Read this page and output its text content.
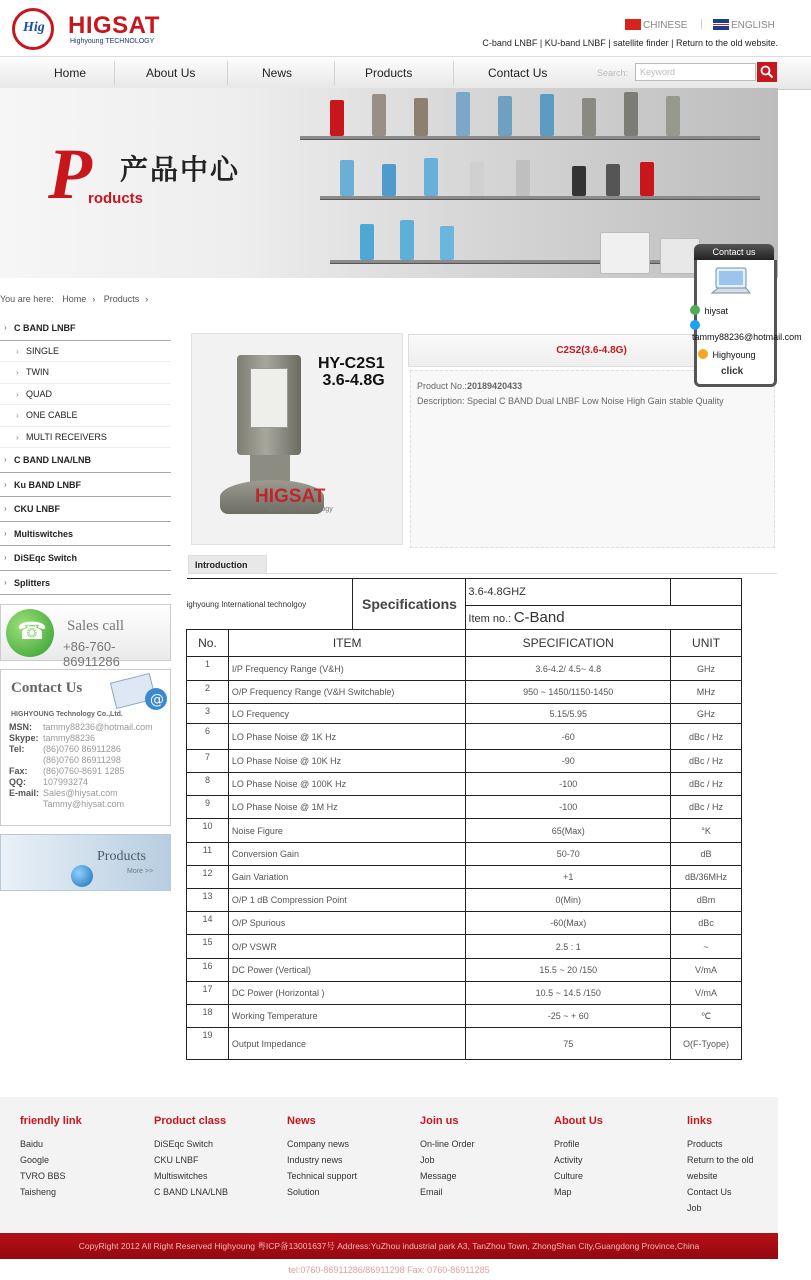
Hig HIGSAT
Highyoung TECHNOLOGY
CHINESE |	ENGLISH
C-band LNBF | KU-band LNBF | satellite finder | Return to the old website.
Home	About Us	News	Products	Contact Us	Search:	Keyword
P 产品中心
roducts
You are here: Home › Products ›
› C BAND LNBF
› SINGLE
› TWIN
› QUAD
› ONE CABLE
› MULTI RECEIVERS
› C BAND LNA/LNB
› Ku BAND LNBF
› CKU LNBF
› Multiswitches
› DiSEqc Switch
› Splitters
☎ Sales call
+86-760-86911286
Contact Us
@
HIGHYOUNG Technology Co.,Ltd.
MSN: tammy88236@hotmail.com
Skype: tammy88236
Tel: (86)0760 86911286
(86)0760 86911298
Fax: (86)0760-8691 1285
QQ: 107993274
E-mail: Sales@hiysat.com
Tammy@hiysat.com
Products
More >>
HIGSAT
Highyoung Technology
HY-C2S1
3.6-4.8G
C2S2(3.6-4.8G)
Product No.:20189420433
Description: Special C BAND Dual LNBF Low Noise High Gain stable Quality
Introduction
ighyoung International technolgoy Specifications		3.6-4.8GHZ	
		Item no.: C-Band	
No.	ITEM	SPECIFICATION	UNIT
1	I/P Frequency Range (V&H)	3.6-4.2/ 4.5~ 4.8	GHz
2	O/P Frequency Range (V&H Switchable)	950 ~ 1450/1150-1450	MHz
3	LO Frequency	5.15/5.95	GHz
6	LO Phase Noise @ 1K Hz	-60	dBc / Hz
7	LO Phase Noise @ 10K Hz	-90	dBc / Hz
8	LO Phase Noise @ 100K Hz	-100	dBc / Hz
9	LO Phase Noise @ 1M Hz	-100	dBc / Hz
10	Noise Figure	65(Max)	°K
11	Conversion Gain	50-70	dB
12	Gain Variation	+1	dB/36MHz
13	O/P 1 dB Compression Point	0(Min)	dBm
14	O/P Spurious	-60(Max)	dBc
15	O/P VSWR	2.5 : 1	~
16	DC Power (Vertical)	15.5 ~ 20 /150	V/mA
17	DC Power (Horizontal )	10.5 ~ 14.5 /150	V/mA
18	Working Temperature	-25 ~ + 60	℃
19	Output Impedance	75	O(F-Tyope)
Contact us
hiysat
tammy88236@hotmail.com
Highyoung
click
friendly link
Baidu
Google
TVRO BBS
Taisheng
Product class
DiSEqc Switch
CKU LNBF
Multiswitches
C BAND LNA/LNB
News
Company news
Industry news
Technical support
Solution
Join us
On-line Order
Job
Message
Email
About Us
Profile
Activity
Culture
Map
links
Products
Return to the old
website
Contact Us
Job
CopyRight 2012 All Right Reserved Highyoung 粤ICP备13001637号 Address:YuZhou industrial park A3, TanZhou Town, ZhongShan City,Guangdong Province,China
tel:0760-86911286/86911298 Fax: 0760-86911285
